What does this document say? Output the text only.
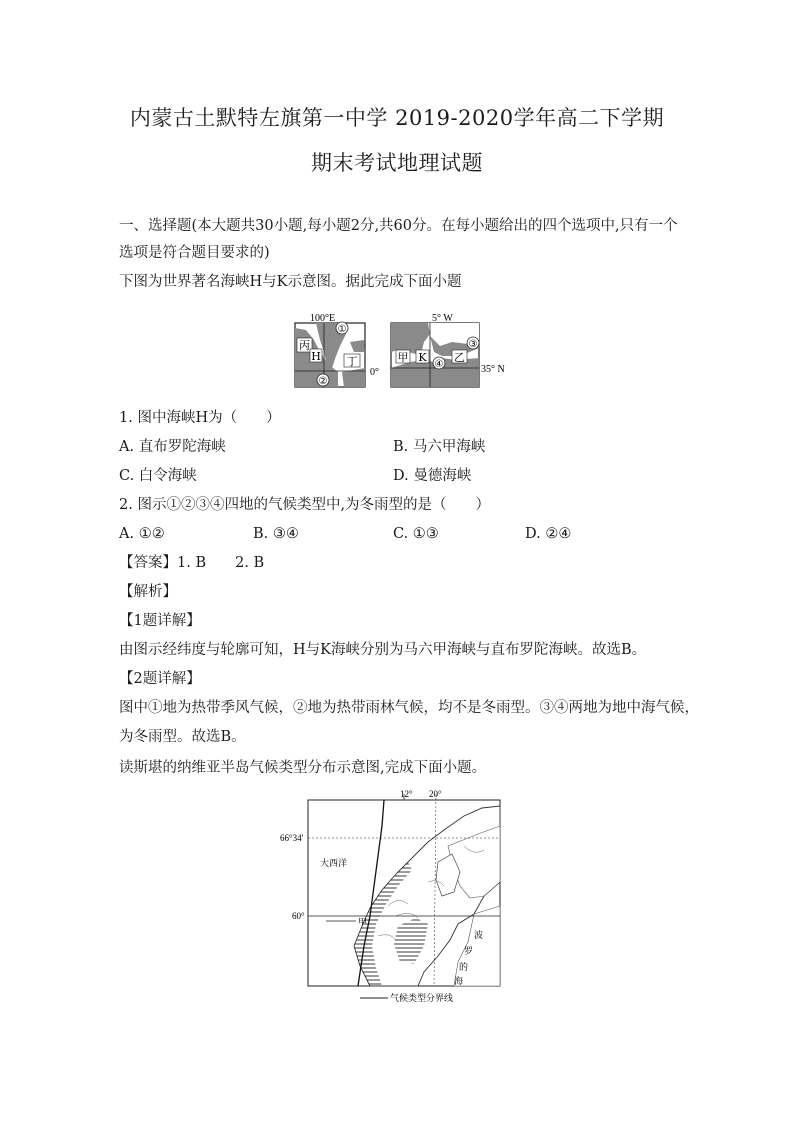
内蒙古土默特左旗第一中学 2019-2020学年高二下学期
期末考试地理试题
一、选择题(本大题共30小题,每小题2分,共60分。在每小题给出的四个选项中,只有一个
选项是符合题目要求的)
下图为世界著名海峡H与K示意图。据此完成下面小题
丙
H 丁
①
②
100°E
0°
甲 K 乙
④
③
5° W
35° N
1. 图中海峡H为（　　）
A. 直布罗陀海峡	B. 马六甲海峡
C. 白令海峡	D. 曼德海峡
2. 图示①②③④四地的气候类型中,为冬雨型的是（　　）
A. ①②	B. ③④	C. ①③	D. ②④
【答案】1. B　　2. B
【解析】
【1题详解】
由图示经纬度与轮廓可知，H与K海峡分别为马六甲海峡与直布罗陀海峡。故选B。
【2题详解】
图中①地为热带季风气候，②地为热带雨林气候，均不是冬雨型。③④两地为地中海气候，
为冬雨型。故选B。
读斯堪的纳维亚半岛气候类型分布示意图,完成下面小题。
12° 20°
66°34'
60°
大西洋
甲
波
罗
的
海
气候类型分界线
